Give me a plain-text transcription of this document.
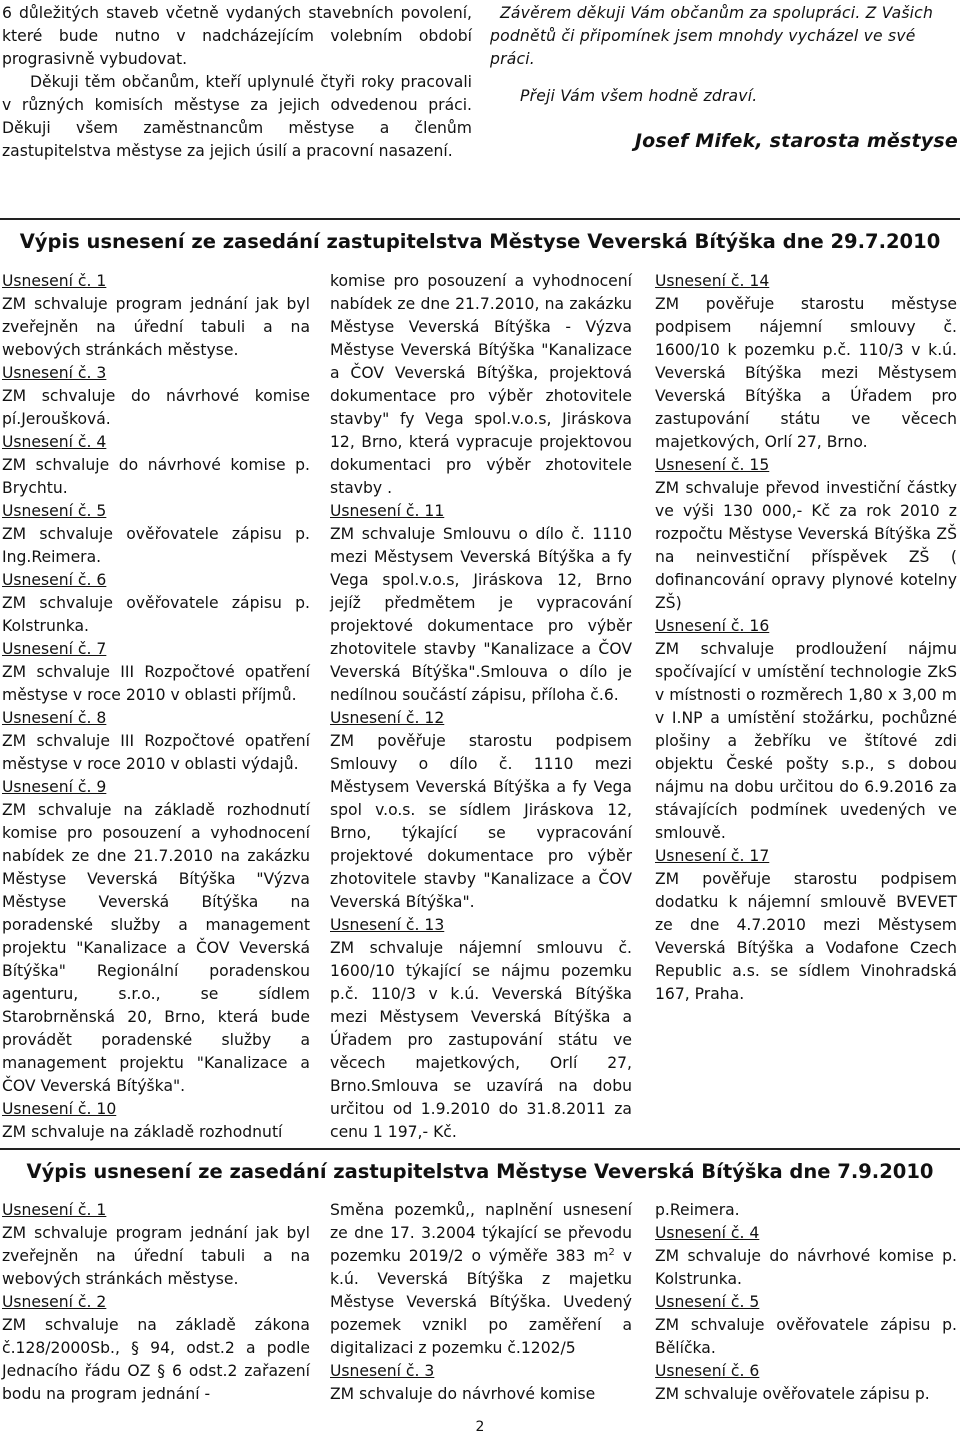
6 důležitých staveb včetně vydaných stavebních povolení, které bude nutno v nadcházejícím volebním období prograsivně vybudovat.
Děkuji těm občanům, kteří uplynulé čtyři roky pracovali v různých komisích městyse za jejich odvedenou práci. Děkuji všem zaměstnancům městyse a členům zastupitelstva městyse za jejich úsilí a pracovní nasazení.

Závěrem děkuji Vám občanům za spolupráci. Z Vašich podnětů či připomínek jsem mnohdy vycházel ve své práci.

Přeji Vám všem hodně zdraví.

Josef Mifek, starosta městyse

Výpis usnesení ze zasedání zastupitelstva Městyse Veverská Bítýška dne 29.7.2010
Usnesení č. 1

ZM schvaluje program jednání jak byl zveřejněn na úřední tabuli a na webových stránkách městyse.

Usnesení č. 3

ZM schvaluje do návrhové komise pí.Jeroušková.

Usnesení č. 4

ZM schvaluje do návrhové komise p. Brychtu.

Usnesení č. 5

ZM schvaluje ověřovatele zápisu p. Ing.Reimera.

Usnesení č. 6

ZM schvaluje ověřovatele zápisu p. Kolstrunka.

Usnesení č. 7

ZM schvaluje III Rozpočtové opatření městyse v roce 2010 v oblasti příjmů.

Usnesení č. 8

ZM schvaluje III Rozpočtové opatření městyse v roce 2010 v oblasti výdajů.

Usnesení č. 9

ZM schvaluje na základě rozhodnutí komise pro posouzení a vyhodnocení nabídek ze dne 21.7.2010 na zakázku Městyse Veverská Bítýška "Výzva Městyse Veverská Bítýška na poradenské služby a management projektu "Kanalizace a ČOV Veverská Bítýška" Regionální poradenskou agenturu, s.r.o., se sídlem Starobrněnská 20, Brno, která bude provádět poradenské služby a management projektu "Kanalizace a ČOV Veverská Bítýška".

Usnesení č. 10

ZM schvaluje na základě rozhodnutí

komise pro posouzení a vyhodnocení nabídek ze dne 21.7.2010, na zakázku Městyse Veverská Bítýška - Výzva Městyse Veverská Bítýška "Kanalizace a ČOV Veverská Bítýška, projektová dokumentace pro výběr zhotovitele stavby" fy Vega spol.v.o.s, Jiráskova 12, Brno, která vypracuje projektovou dokumentaci pro výběr zhotovitele stavby .

Usnesení č. 11

ZM schvaluje Smlouvu o dílo č. 1110 mezi Městysem Veverská Bítýška a fy Vega spol.v.o.s, Jiráskova 12, Brno jejíž předmětem je vypracování projektové dokumentace pro výběr zhotovitele stavby "Kanalizace a ČOV Veverská Bítýška".Smlouva o dílo je nedílnou součástí zápisu, příloha č.6.

Usnesení č. 12

ZM pověřuje starostu podpisem Smlouvy o dílo č. 1110 mezi Městysem Veverská Bítýška a fy Vega spol v.o.s. se sídlem Jiráskova 12, Brno, týkající se vypracování projektové dokumentace pro výběr zhotovitele stavby "Kanalizace a ČOV Veverská Bítýška".

Usnesení č. 13

ZM schvaluje nájemní smlouvu č. 1600/10 týkající se nájmu pozemku p.č. 110/3 v k.ú. Veverská Bítýška mezi Městysem Veverská Bítýška a Úřadem pro zastupování státu ve věcech majetkových, Orlí 27, Brno.Smlouva se uzavírá na dobu určitou od 1.9.2010 do 31.8.2011 za cenu 1 197,- Kč.

Usnesení č. 14

ZM pověřuje starostu městyse podpisem nájemní smlouvy č. 1600/10 k pozemku p.č. 110/3 v k.ú. Veverská Bítýška mezi Městysem Veverská Bítýška a Úřadem pro zastupování státu ve věcech majetkových, Orlí 27, Brno.

Usnesení č. 15

ZM schvaluje převod investiční částky ve výši 130 000,- Kč za rok 2010 z rozpočtu Městyse Veverská Bítýška ZŠ na neinvestiční příspěvek ZŠ ( dofinancování opravy plynové kotelny ZŠ)

Usnesení č. 16

ZM schvaluje prodloužení nájmu spočívající v umístění technologie ZkS v místnosti o rozměrech 1,80 x 3,00 m v I.NP a umístění stožárku, pochůzné plošiny a žebříku ve štítové zdi objektu České pošty s.p., s dobou nájmu na dobu určitou do 6.9.2016 za stávajících podmínek uvedených ve smlouvě.

Usnesení č. 17

ZM pověřuje starostu podpisem dodatku k nájemní smlouvě BVEVET ze dne 4.7.2010 mezi Městysem Veverská Bítýška a Vodafone Czech Republic a.s. se sídlem Vinohradská 167, Praha.

Výpis usnesení ze zasedání zastupitelstva Městyse Veverská Bítýška dne 7.9.2010
Usnesení č. 1

ZM schvaluje program jednání jak byl zveřejněn na úřední tabuli a na webových stránkách městyse.

Usnesení č. 2

ZM schvaluje na základě zákona č.128/2000Sb., § 94, odst.2 a podle Jednacího řádu OZ § 6 odst.2 zařazení bodu na program jednání -

Směna pozemků,, naplnění usnesení ze dne 17. 3.2004 týkající se převodu pozemku 2019/2 o výměře 383 $m^2$ v k.ú. Veverská Bítýška z majetku Městyse Veverská Bítýška. Uvedený pozemek vznikl po zaměření a digitalizaci z pozemku č.1202/5

Usnesení č. 3

ZM schvaluje do návrhové komise

p.Reimera.

Usnesení č. 4

ZM schvaluje do návrhové komise p. Kolstrunka.

Usnesení č. 5

ZM schvaluje ověřovatele zápisu p. Bělíčka.

Usnesení č. 6

ZM schvaluje ověřovatele zápisu p.

2
